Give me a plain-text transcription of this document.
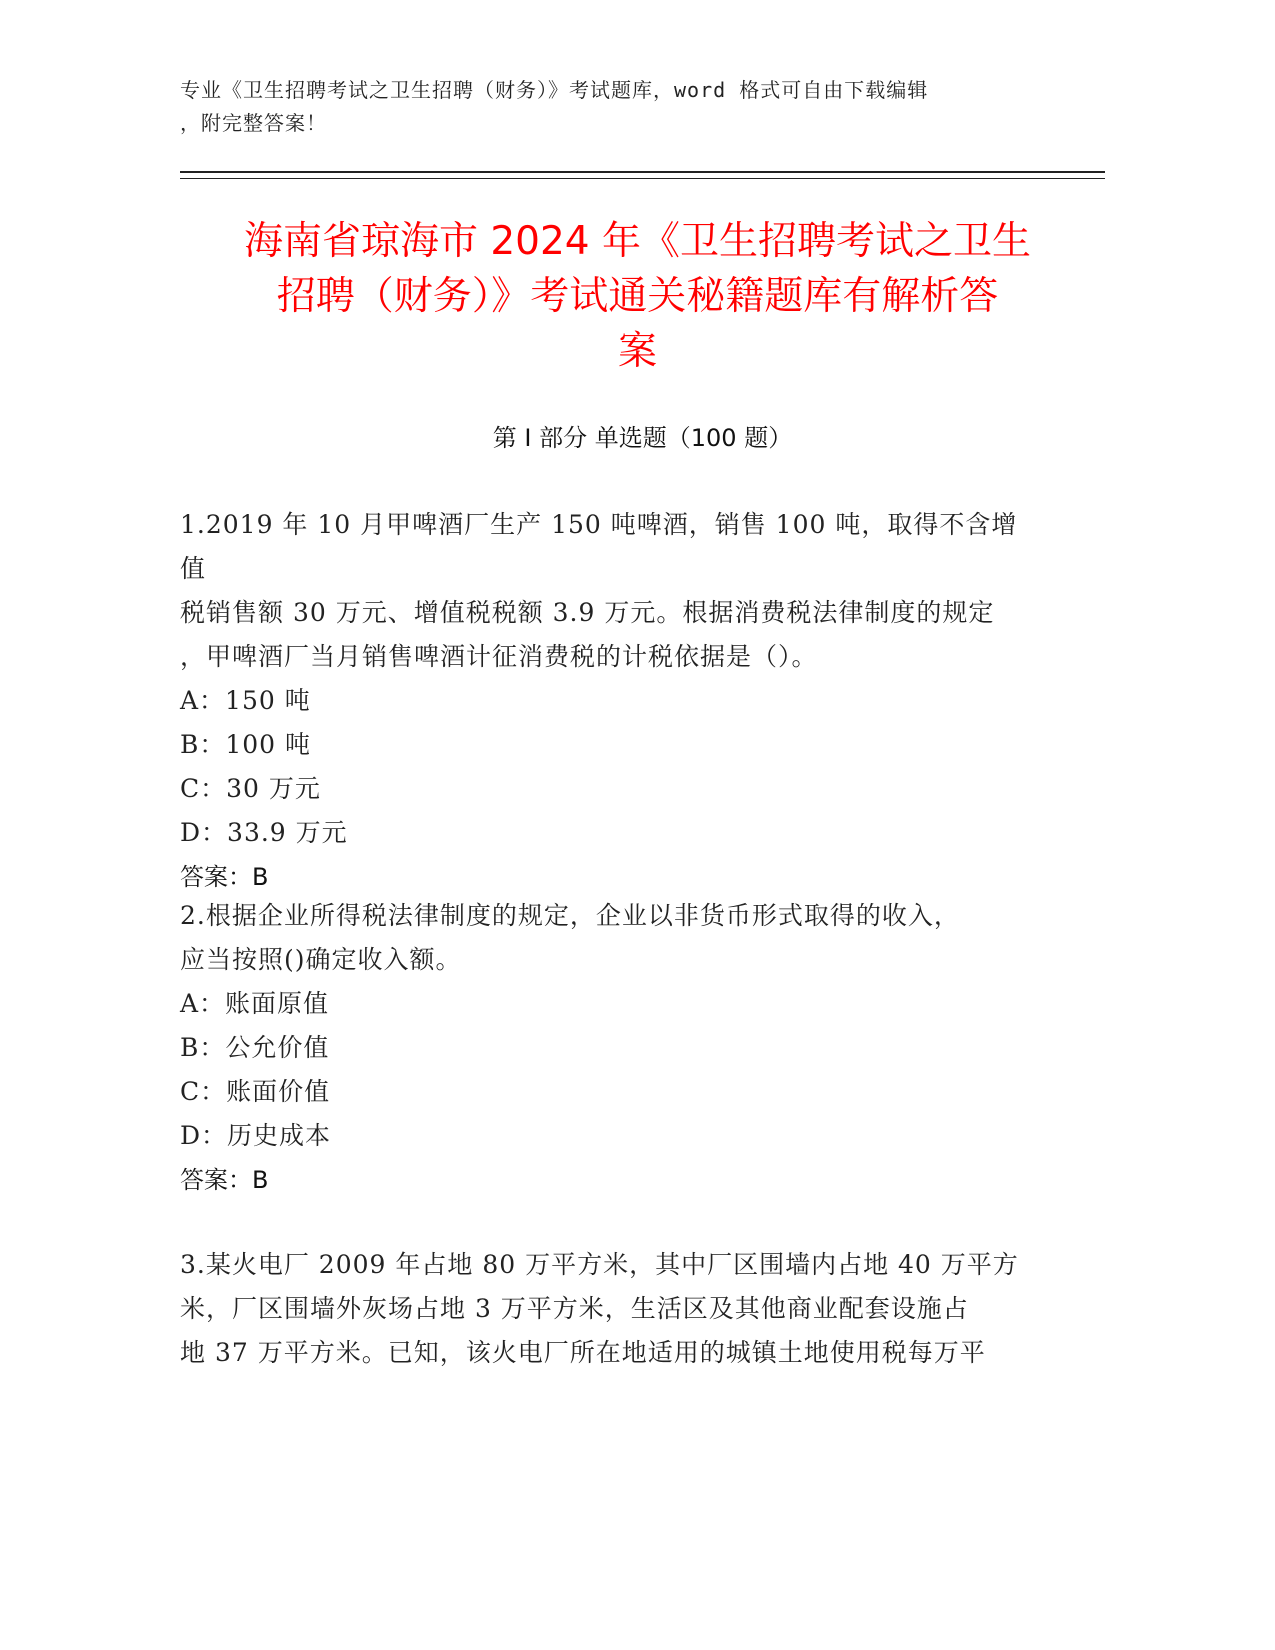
专业《卫生招聘考试之卫生招聘（财务）》考试题库，word 格式可自由下载编辑
，附完整答案！
海南省琼海市 2024 年《卫生招聘考试之卫生
招聘（财务）》考试通关秘籍题库有解析答
案
第 I 部分 单选题（100 题）
1.2019 年 10 月甲啤酒厂生产 150 吨啤酒，销售 100 吨，取得不含增值
税销售额 30 万元、增值税税额 3.9 万元。根据消费税法律制度的规定
，甲啤酒厂当月销售啤酒计征消费税的计税依据是（）。
A：150 吨
B：100 吨
C：30 万元
D：33.9 万元
答案：B
2.根据企业所得税法律制度的规定，企业以非货币形式取得的收入，
应当按照()确定收入额。
A：账面原值
B：公允价值
C：账面价值
D：历史成本
答案：B
3.某火电厂 2009 年占地 80 万平方米，其中厂区围墙内占地 40 万平方
米，厂区围墙外灰场占地 3 万平方米，生活区及其他商业配套设施占
地 37 万平方米。已知，该火电厂所在地适用的城镇土地使用税每万平
